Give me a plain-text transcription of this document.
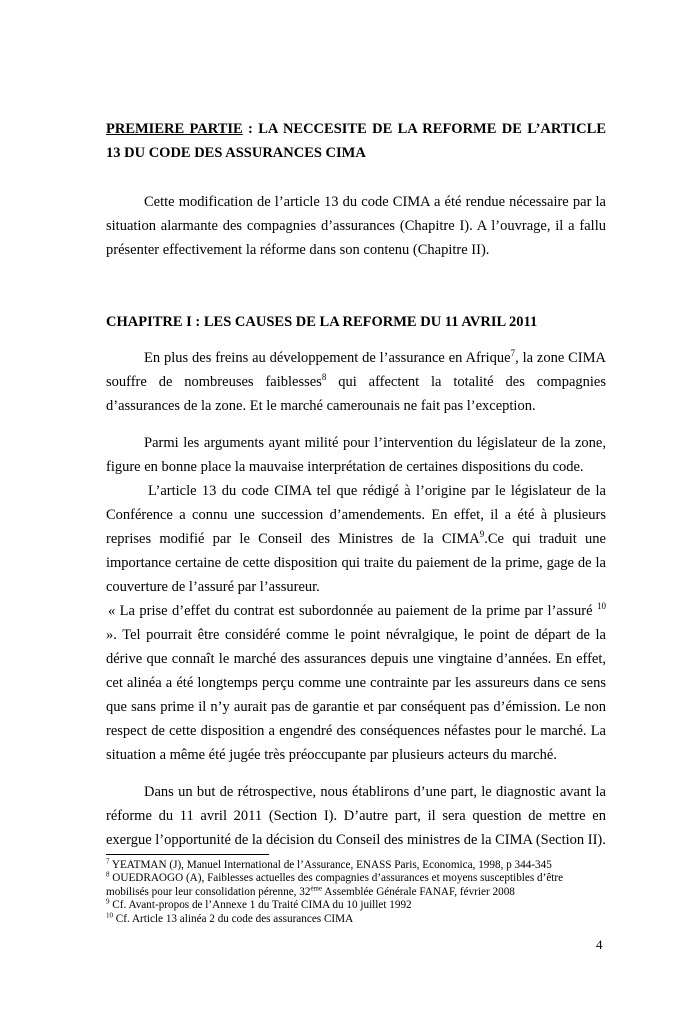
PREMIERE PARTIE : LA NECCESITE DE LA REFORME DE L’ARTICLE 13 DU CODE DES ASSURANCES CIMA

Cette modification de l’article 13 du code CIMA a été rendue nécessaire par la situation alarmante des compagnies d’assurances (Chapitre I). A l’ouvrage, il a fallu présenter effectivement la réforme dans son contenu (Chapitre II).

CHAPITRE I : LES CAUSES DE LA REFORME DU 11 AVRIL 2011

En plus des freins au développement de l’assurance en Afrique$^7$, la zone CIMA souffre de nombreuses faiblesses$^8$ qui affectent la totalité des compagnies d’assurances de la zone. Et le marché camerounais ne fait pas l’exception.

Parmi les arguments ayant milité pour l’intervention du législateur de la zone, figure en bonne place la mauvaise interprétation de certaines dispositions du code.

L’article 13 du code CIMA tel que rédigé à l’origine par le législateur de la Conférence a connu une succession d’amendements. En effet, il a été à plusieurs reprises modifié par le Conseil des Ministres de la CIMA$^9$.Ce qui traduit une importance certaine de cette disposition qui traite du paiement de la prime, gage de la couverture de l’assuré par l’assureur.

« La prise d’effet du contrat est subordonnée au paiement de la prime par l’assuré $^{10}$ ». Tel pourrait être considéré comme le point névralgique, le point de départ de la dérive que connaît le marché des assurances depuis une vingtaine d’années. En effet, cet alinéa a été longtemps perçu comme une contrainte par les assureurs dans ce sens que sans prime il n’y aurait pas de garantie et par conséquent pas d’émission. Le non respect de cette disposition a engendré des conséquences néfastes pour le marché. La situation a même été jugée très préoccupante par plusieurs acteurs du marché.

Dans un but de rétrospective, nous établirons d’une part, le diagnostic avant la réforme du 11 avril 2011 (Section I). D’autre part, il sera question de mettre en exergue l’opportunité de la décision du Conseil des ministres de la CIMA (Section II).

$^7$ YEATMAN (J), Manuel International de l’Assurance, ENASS Paris, Economica, 1998, p 344-345
$^8$ OUEDRAOGO (A), Faiblesses actuelles des compagnies d’assurances et moyens susceptibles d’être mobilisés pour leur consolidation pérenne, 32ème Assemblée Générale FANAF, février 2008
$^9$ Cf. Avant-propos de l’Annexe 1 du Traité CIMA du 10 juillet 1992
$^{10}$ Cf. Article 13 alinéa 2 du code des assurances CIMA
4
